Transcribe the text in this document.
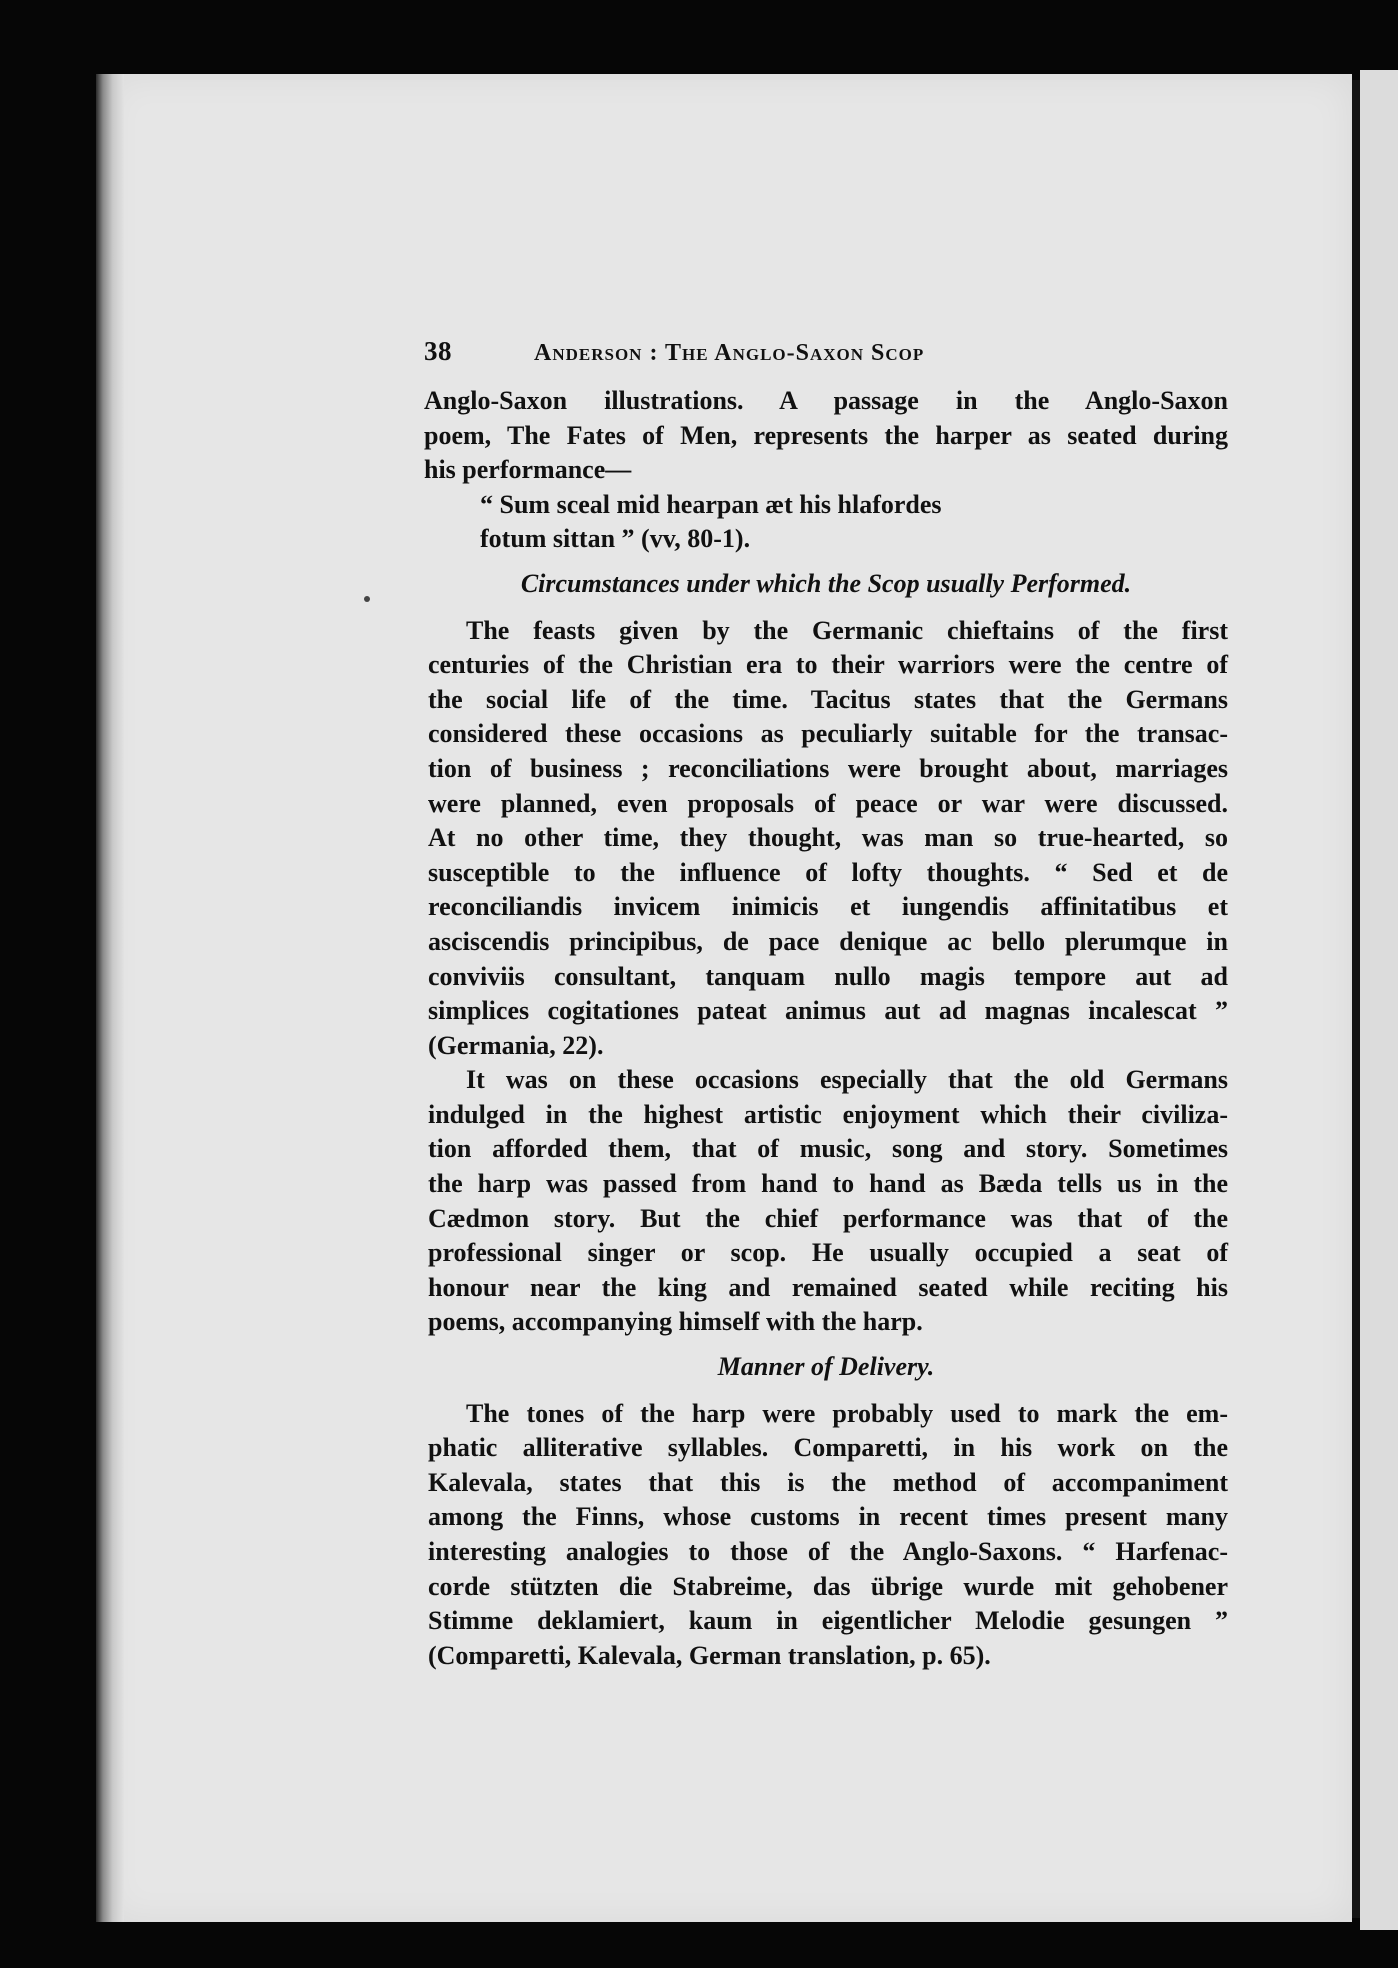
38	Anderson : The Anglo-Saxon Scop

Anglo-Saxon illustrations. A passage in the Anglo-Saxon
poem, The Fates of Men, represents the harper as seated during
his performance—

“ Sum sceal mid hearpan æt his hlafordes
fotum sittan ” (vv, 80-1).

Circumstances under which the Scop usually Performed.

The feasts given by the Germanic chieftains of the first
centuries of the Christian era to their warriors were the centre of
the social life of the time. Tacitus states that the Germans
considered these occasions as peculiarly suitable for the transac-
tion of business ; reconciliations were brought about, marriages
were planned, even proposals of peace or war were discussed.
At no other time, they thought, was man so true-hearted, so
susceptible to the influence of lofty thoughts. “ Sed et de
reconciliandis invicem inimicis et iungendis affinitatibus et
asciscendis principibus, de pace denique ac bello plerumque in
conviviis consultant, tanquam nullo magis tempore aut ad
simplices cogitationes pateat animus aut ad magnas incalescat ”
(Germania, 22).

It was on these occasions especially that the old Germans
indulged in the highest artistic enjoyment which their civiliza-
tion afforded them, that of music, song and story. Sometimes
the harp was passed from hand to hand as Bæda tells us in the
Cædmon story. But the chief performance was that of the
professional singer or scop. He usually occupied a seat of
honour near the king and remained seated while reciting his
poems, accompanying himself with the harp.

Manner of Delivery.

The tones of the harp were probably used to mark the em-
phatic alliterative syllables. Comparetti, in his work on the
Kalevala, states that this is the method of accompaniment
among the Finns, whose customs in recent times present many
interesting analogies to those of the Anglo-Saxons. “ Harfenac-
corde stützten die Stabreime, das übrige wurde mit gehobener
Stimme deklamiert, kaum in eigentlicher Melodie gesungen ”
(Comparetti, Kalevala, German translation, p. 65).
